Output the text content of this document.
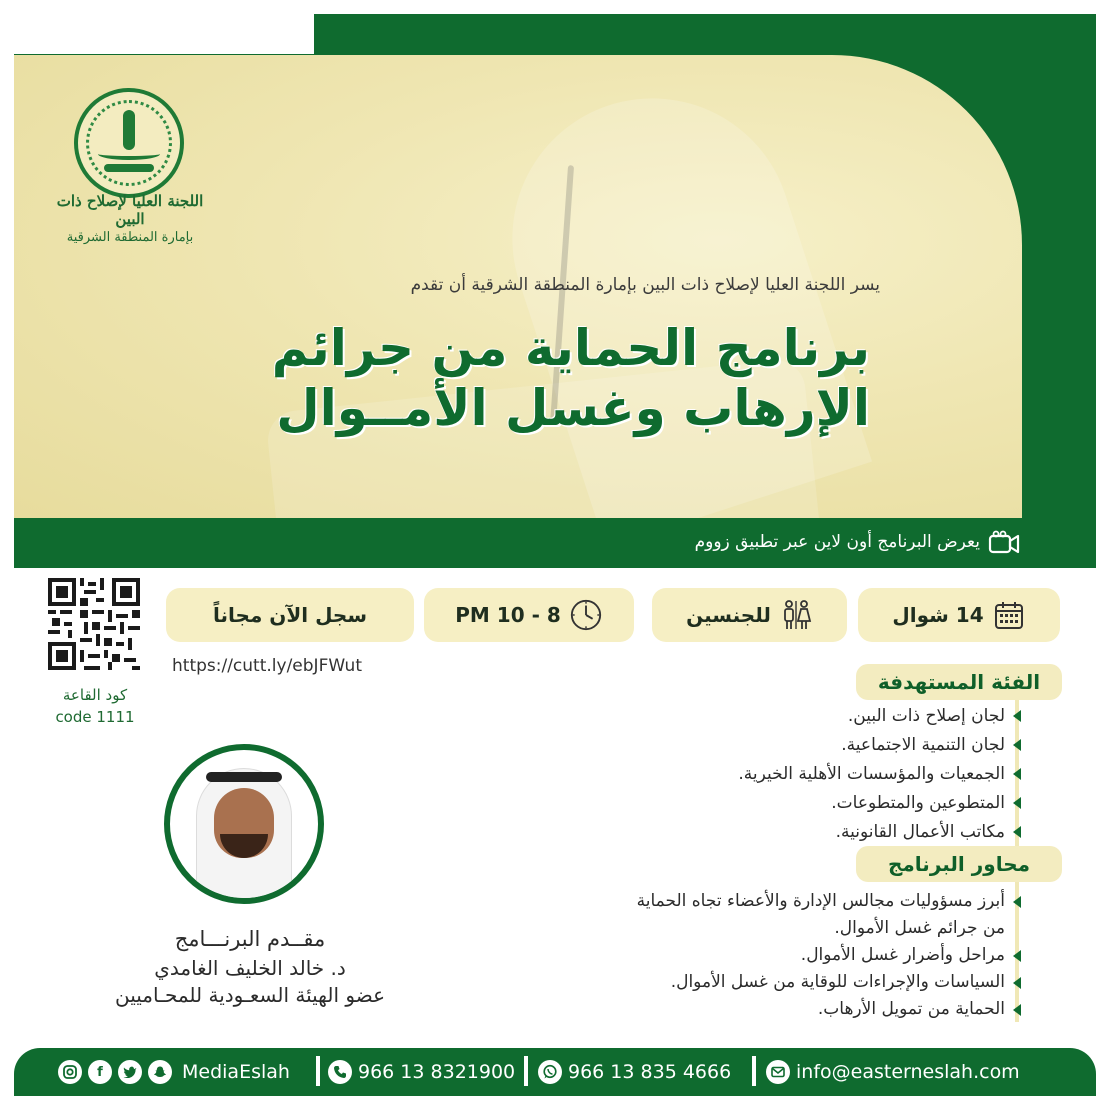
اللجنة العليا لإصلاح ذات البين
بإمارة المنطقة الشرقية
يسر اللجنة العليا لإصلاح ذات البين بإمارة المنطقة الشرقية أن تقدم
برنامج الحماية من جرائم
الإرهاب وغسل الأمــوال
يعرض البرنامج أون لاين عبر تطبيق زووم
14 شوال
للجنسين
PM 10 - 8
سجل الآن مجاناً
https://cutt.ly/ebJFWut
كود القاعة
code 1111
الفئة المستهدفة
لجان إصلاح ذات البين.
لجان التنمية الاجتماعية.
الجمعيات والمؤسسات الأهلية الخيرية.
المتطوعين والمتطوعات.
مكاتب الأعمال القانونية.
محاور البرنامج
أبرز مسؤوليات مجالس الإدارة والأعضاء تجاه الحماية
من جرائم غسل الأموال.
مراحل وأضرار غسل الأموال.
السياسات والإجراءات للوقاية من غسل الأموال.
الحماية من تمويل الأرهاب.
مقــدم البرنـــامج
د. خالد الخليف الغامدي
عضو الهيئة السعـودية للمحـاميين
f	MediaEslah	966 13 8321900	966 13 835 4666	info@easterneslah.com
